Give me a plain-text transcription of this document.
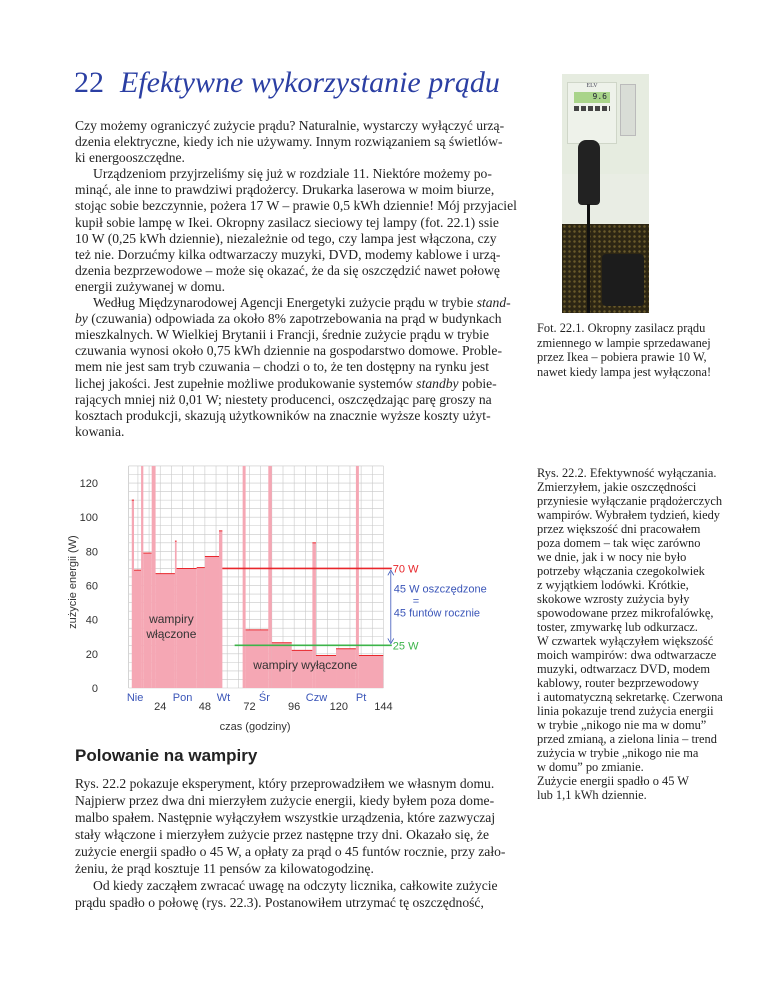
22 Efektywne wykorzystanie prądu
Czy możemy ograniczyć zużycie prądu? Naturalnie, wystarczy wyłączyć urzą-
dzenia elektryczne, kiedy ich nie używamy. Innym rozwiązaniem są świetlów-
ki energooszczędne.
Urządzeniom przyjrzeliśmy się już w rozdziale 11. Niektóre możemy po-
minąć, ale inne to prawdziwi prądożercy. Drukarka laserowa w moim biurze,
stojąc sobie bezczynnie, pożera 17 W – prawie 0,5 kWh dziennie! Mój przyjaciel
kupił sobie lampę w Ikei. Okropny zasilacz sieciowy tej lampy (fot. 22.1) ssie
10 W (0,25 kWh dziennie), niezależnie od tego, czy lampa jest włączona, czy
też nie. Dorzućmy kilka odtwarzaczy muzyki, DVD, modemy kablowe i urzą-
dzenia bezprzewodowe – może się okazać, że da się oszczędzić nawet połowę
energii zużywanej w domu.
Według Międzynarodowej Agencji Energetyki zużycie prądu w trybie stand-
by (czuwania) odpowiada za około 8% zapotrzebowania na prąd w budynkach
mieszkalnych. W Wielkiej Brytanii i Francji, średnie zużycie prądu w trybie
czuwania wynosi około 0,75 kWh dziennie na gospodarstwo domowe. Proble-
mem nie jest sam tryb czuwania – chodzi o to, że ten dostępny na rynku jest
lichej jakości. Jest zupełnie możliwe produkowanie systemów standby pobie-
rających mniej niż 0,01 W; niestety producenci, oszczędzając parę groszy na
kosztach produkcji, skazują użytkowników na znacznie wyższe koszty użyt-
kowania.
ELV
9.6
Fot. 22.1. Okropny zasilacz prądu
zmiennego w lampie sprzedawanej
przez Ikea – pobiera prawie 10 W,
nawet kiedy lampa jest wyłączona!
Rys. 22.2. Efektywność wyłączania.
Zmierzyłem, jakie oszczędności
przyniesie wyłączanie prądożerczych
wampirów. Wybrałem tydzień, kiedy
przez większość dni pracowałem
poza domem – tak więc zarówno
we dnie, jak i w nocy nie było
potrzeby włączania czegokolwiek
z wyjątkiem lodówki. Krótkie,
skokowe wzrosty zużycia były
spowodowane przez mikrofalówkę,
toster, zmywarkę lub odkurzacz.
W czwartek wyłączyłem większość
moich wampirów: dwa odtwarzacze
muzyki, odtwarzacz DVD, modem
kablowy, router bezprzewodowy
i automatyczną sekretarkę. Czerwona
linia pokazuje trend zużycia energii
w trybie „nikogo nie ma w domu”
przed zmianą, a zielona linia – trend
zużycia w trybie „nikogo nie ma
w domu” po zmianie.
Zużycie energii spadło o 45 W
lub 1,1 kWh dziennie.
70 W
25 W
45 W oszczędzone
=
45 funtów rocznie
0
20
40
60
80
100
120
24	48	72	96	120 144
Nie	Pon Wt	Śr	Czw	Pt
czas (godziny)
zużycie energii (W)	wampiry
włączone
wampiry wyłączone
Polowanie na wampiry
Rys. 22.2 pokazuje eksperyment, który przeprowadziłem we własnym domu.
Najpierw przez dwa dni mierzyłem zużycie energii, kiedy byłem poza dome-
malbo spałem. Następnie wyłączyłem wszystkie urządzenia, które zazwyczaj
stały włączone i mierzyłem zużycie przez następne trzy dni. Okazało się, że
zużycie energii spadło o 45 W, a opłaty za prąd o 45 funtów rocznie, przy zało-
żeniu, że prąd kosztuje 11 pensów za kilowatogodzinę.
Od kiedy zacząłem zwracać uwagę na odczyty licznika, całkowite zużycie
prądu spadło o połowę (rys. 22.3). Postanowiłem utrzymać tę oszczędność,
